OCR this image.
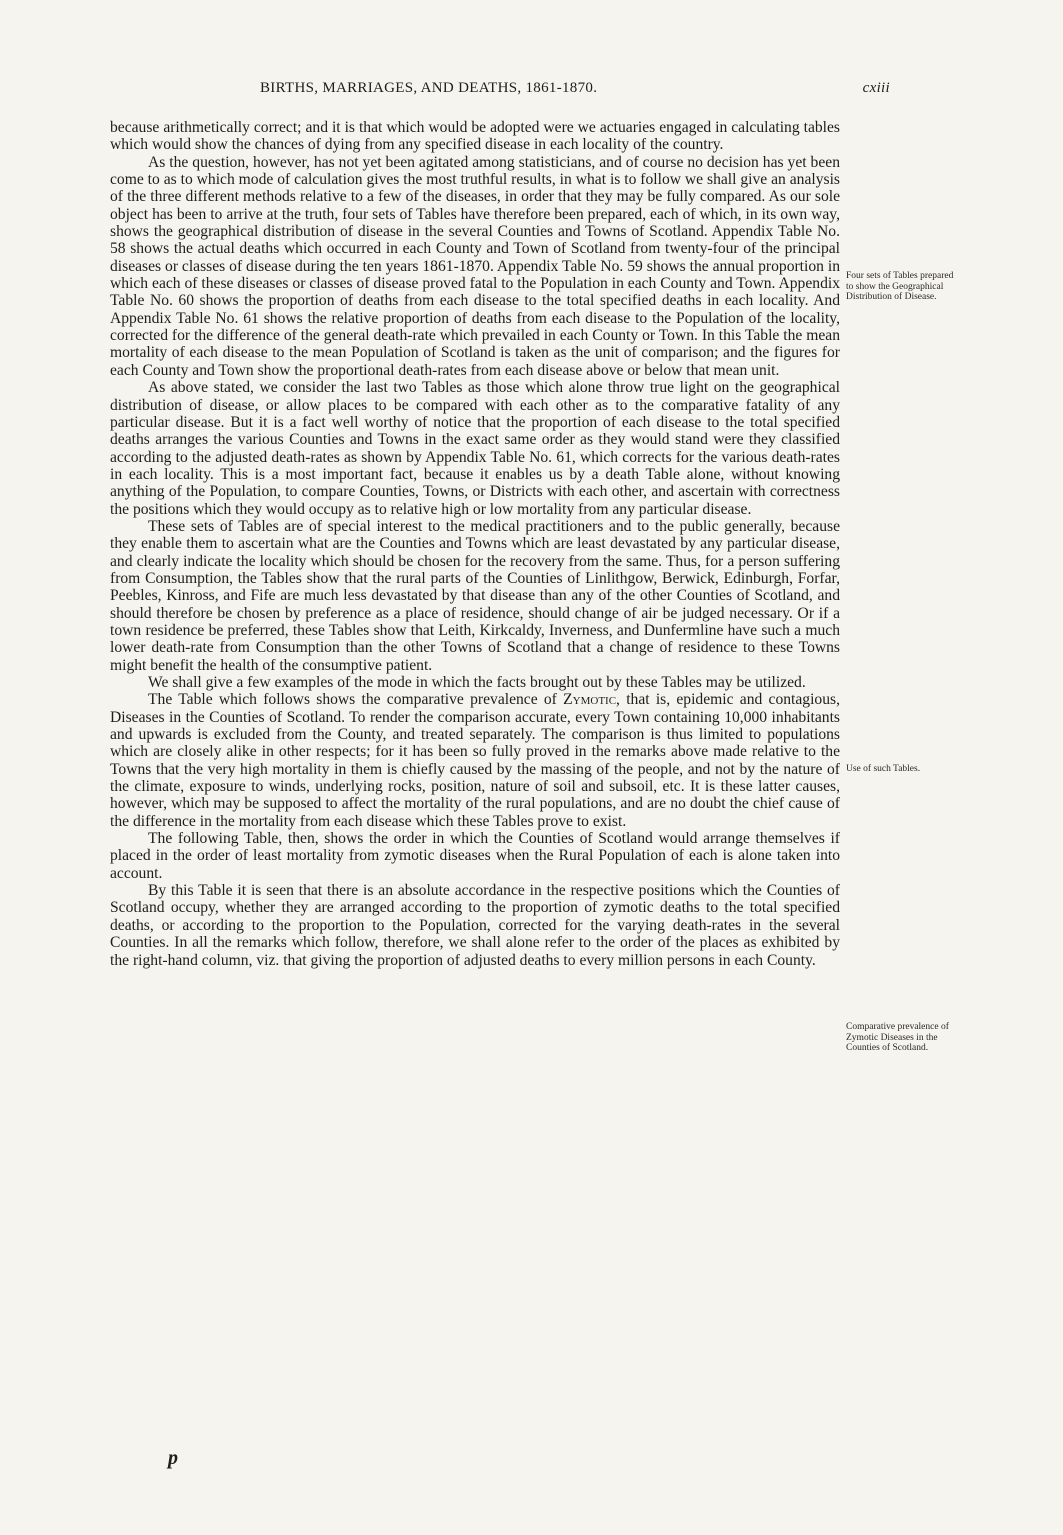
BIRTHS, MARRIAGES, AND DEATHS, 1861-1870.	cxiii

because arithmetically correct; and it is that which would be adopted were we actuaries engaged in calculating tables which would show the chances of dying from any specified disease in each locality of the country.

As the question, however, has not yet been agitated among statisticians, and of course no decision has yet been come to as to which mode of calculation gives the most truthful results, in what is to follow we shall give an analysis of the three different methods relative to a few of the diseases, in order that they may be fully compared. As our sole object has been to arrive at the truth, four sets of Tables have therefore been prepared, each of which, in its own way, shows the geographical distribution of disease in the several Counties and Towns of Scotland. Appendix Table No. 58 shows the actual deaths which occurred in each County and Town of Scotland from twenty-four of the principal diseases or classes of disease during the ten years 1861-1870. Appendix Table No. 59 shows the annual proportion in which each of these diseases or classes of disease proved fatal to the Population in each County and Town. Appendix Table No. 60 shows the proportion of deaths from each disease to the total specified deaths in each locality. And Appendix Table No. 61 shows the relative proportion of deaths from each disease to the Population of the locality, corrected for the difference of the general death-rate which prevailed in each County or Town. In this Table the mean mortality of each disease to the mean Population of Scotland is taken as the unit of comparison; and the figures for each County and Town show the proportional death-rates from each disease above or below that mean unit.

As above stated, we consider the last two Tables as those which alone throw true light on the geographical distribution of disease, or allow places to be compared with each other as to the comparative fatality of any particular disease. But it is a fact well worthy of notice that the proportion of each disease to the total specified deaths arranges the various Counties and Towns in the exact same order as they would stand were they classified according to the adjusted death-rates as shown by Appendix Table No. 61, which corrects for the various death-rates in each locality. This is a most important fact, because it enables us by a death Table alone, without knowing anything of the Population, to compare Counties, Towns, or Districts with each other, and ascertain with correctness the positions which they would occupy as to relative high or low mortality from any particular disease.

These sets of Tables are of special interest to the medical practitioners and to the public generally, because they enable them to ascertain what are the Counties and Towns which are least devastated by any particular disease, and clearly indicate the locality which should be chosen for the recovery from the same. Thus, for a person suffering from Consumption, the Tables show that the rural parts of the Counties of Linlithgow, Berwick, Edinburgh, Forfar, Peebles, Kinross, and Fife are much less devastated by that disease than any of the other Counties of Scotland, and should therefore be chosen by preference as a place of residence, should change of air be judged necessary. Or if a town residence be preferred, these Tables show that Leith, Kirkcaldy, Inverness, and Dunfermline have such a much lower death-rate from Consumption than the other Towns of Scotland that a change of residence to these Towns might benefit the health of the consumptive patient.

We shall give a few examples of the mode in which the facts brought out by these Tables may be utilized.

The Table which follows shows the comparative prevalence of Zymotic, that is, epidemic and contagious, Diseases in the Counties of Scotland. To render the comparison accurate, every Town containing 10,000 inhabitants and upwards is excluded from the County, and treated separately. The comparison is thus limited to populations which are closely alike in other respects; for it has been so fully proved in the remarks above made relative to the Towns that the very high mortality in them is chiefly caused by the massing of the people, and not by the nature of the climate, exposure to winds, underlying rocks, position, nature of soil and subsoil, etc. It is these latter causes, however, which may be supposed to affect the mortality of the rural populations, and are no doubt the chief cause of the difference in the mortality from each disease which these Tables prove to exist.

The following Table, then, shows the order in which the Counties of Scotland would arrange themselves if placed in the order of least mortality from zymotic diseases when the Rural Population of each is alone taken into account.

By this Table it is seen that there is an absolute accordance in the respective positions which the Counties of Scotland occupy, whether they are arranged according to the proportion of zymotic deaths to the total specified deaths, or according to the proportion to the Population, corrected for the varying death-rates in the several Counties. In all the remarks which follow, therefore, we shall alone refer to the order of the places as exhibited by the right-hand column, viz. that giving the proportion of adjusted deaths to every million persons in each County.

Four sets of Tables prepared to show the Geographical Distribution of Disease.
Use of such Tables.
Comparative prevalence of Zymotic Diseases in the Counties of Scotland.
p
